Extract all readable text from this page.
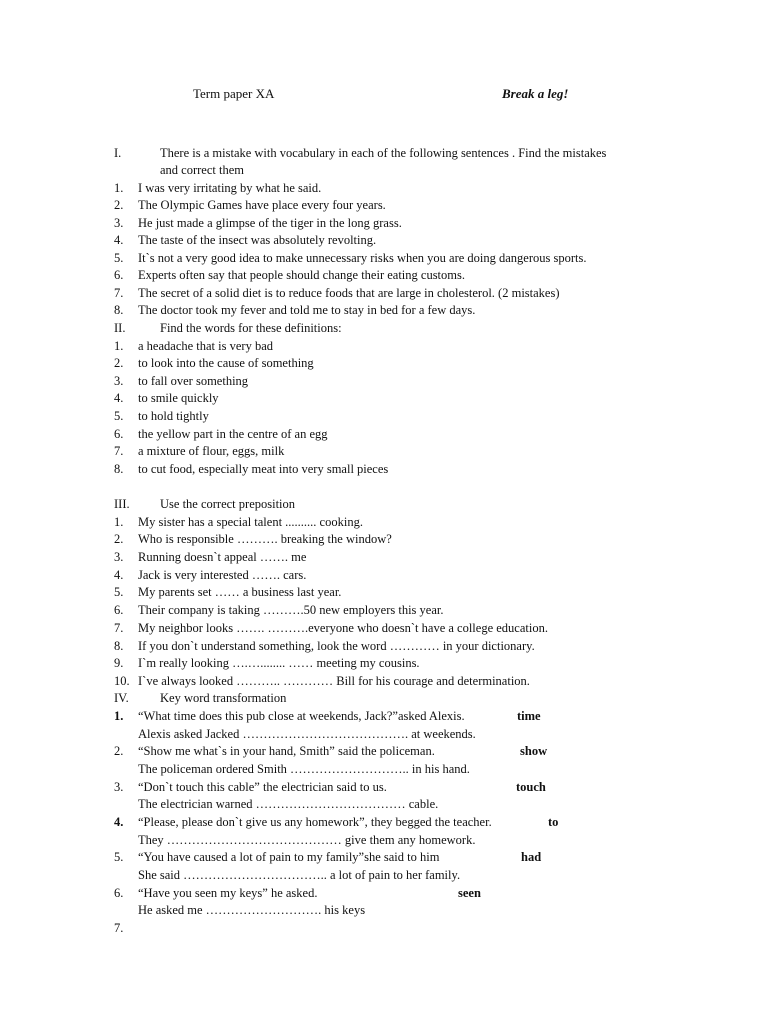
Term paper XA	Break a leg!
I.	There is a mistake with vocabulary in each of the following sentences . Find the mistakes
and correct them
1.	I was very irritating by what he said.
2.	The Olympic Games have place every four years.
3.	He just made a glimpse of the tiger in the long grass.
4.	The taste of the insect was absolutely revolting.
5.	It`s not a very good idea to make unnecessary risks when you are doing dangerous sports.
6.	Experts often say that people should change their eating customs.
7.	The secret of a solid diet is to reduce foods that are large in cholesterol. (2 mistakes)
8.	The doctor took my fever and told me to stay in bed for a few days.
II.	Find the words for these definitions:
1.	a headache that is very bad
2.	to look into the cause of something
3.	to fall over something
4.	to smile quickly
5.	to hold tightly
6.	the yellow part in the centre of an egg
7.	a mixture of flour, eggs, milk
8.	to cut food, especially meat into very small pieces
III. Use the correct preposition
1.	My sister has a special talent .......... cooking.
2.	Who is responsible ………. breaking the window?
3.	Running doesn`t appeal ……. me
4.	Jack is very interested ……. cars.
5.	My parents set …… a business last year.
6.	Their company is taking ……….50 new employers this year.
7.	My neighbor looks ……. ……….everyone who doesn`t have a college education.
8.	If you don`t understand something, look the word ………… in your dictionary.
9.	I`m really looking ….…........ …… meeting my cousins.
10. I`ve always looked ……….. ………… Bill for his courage and determination.
IV.	Key word transformation
1.	“What time does this pub close at weekends, Jack?”asked Alexis.	time
Alexis asked Jacked …………………………………. at weekends.
2.	“Show me what`s in your hand, Smith” said the policeman.	show
The policeman ordered Smith ……………………….. in his hand.
3.	“Don`t touch this cable” the electrician said to us.	touch
The electrician warned ……………………………… cable.
4.	“Please, please don`t give us any homework”, they begged the teacher.	to
They …………………………………… give them any homework.
5.	“You have caused a lot of pain to my family”she said to him	had
She said …………………………….. a lot of pain to her family.
6.	“Have you seen my keys” he asked.	seen
He asked me ………………………. his keys
7.
